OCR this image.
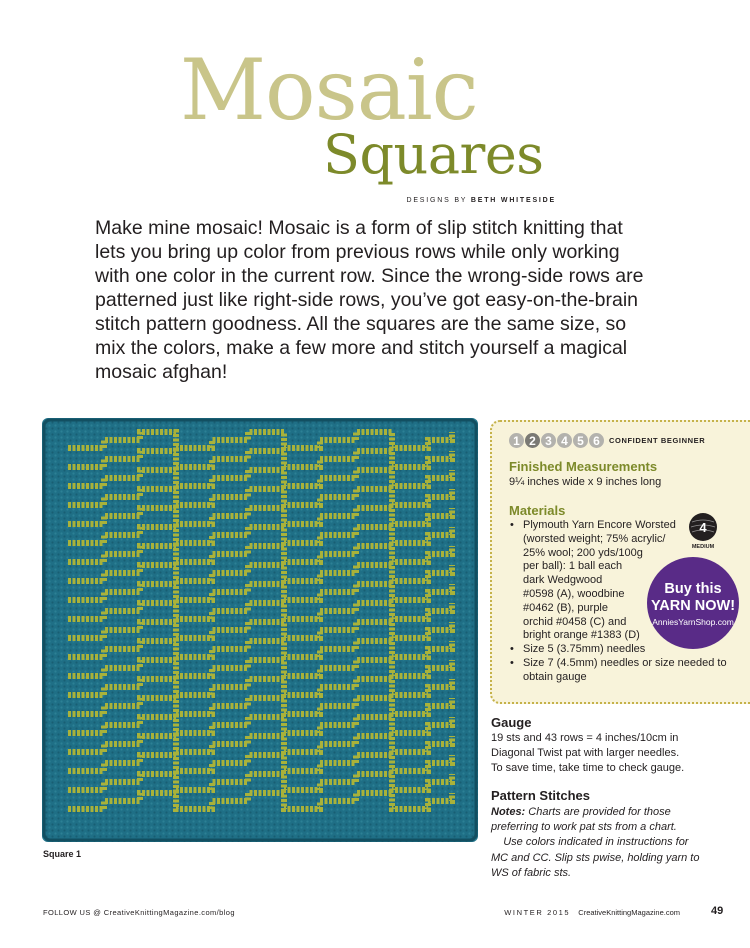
Mosaic
Squares
DESIGNS BY BETH WHITESIDE

Make mine mosaic! Mosaic is a form of slip stitch knitting that lets you bring up color from previous rows while only working with one color in the current row. Since the wrong-side rows are patterned just like right-side rows, you’ve got easy-on-the-brain stitch pattern goodness. All the squares are the same size, so mix the colors, make a few more and stitch yourself a magical mosaic afghan!

Square 1
1 2 3 4 5 6	CONFIDENT BEGINNER
Finished Measurements
9¼ inches wide x 9 inches long
Materials
• Plymouth Yarn Encore Worsted
(worsted weight; 75% acrylic/
25% wool; 200 yds/100g
per ball): 1 ball each
dark Wedgwood
#0598 (A), woodbine
#0462 (B), purple
orchid #0458 (C) and
bright orange #1383 (D)
• Size 5 (3.75mm) needles
• Size 7 (4.5mm) needles or size needed to
obtain gauge
4
MEDIUM
Buy this
YARN NOW!
AnniesYarnShop.com
Gauge
19 sts and 43 rows = 4 inches/10cm in
Diagonal Twist pat with larger needles.
To save time, take time to check gauge.
Pattern Stitches
Notes: Charts are provided for those
preferring to work pat sts from a chart.
Use colors indicated in instructions for
MC and CC. Slip sts pwise, holding yarn to
WS of fabric sts.
FOLLOW US @ CreativeKnittingMagazine.com/blog	WINTER 2015 CreativeKnittingMagazine.com	49
